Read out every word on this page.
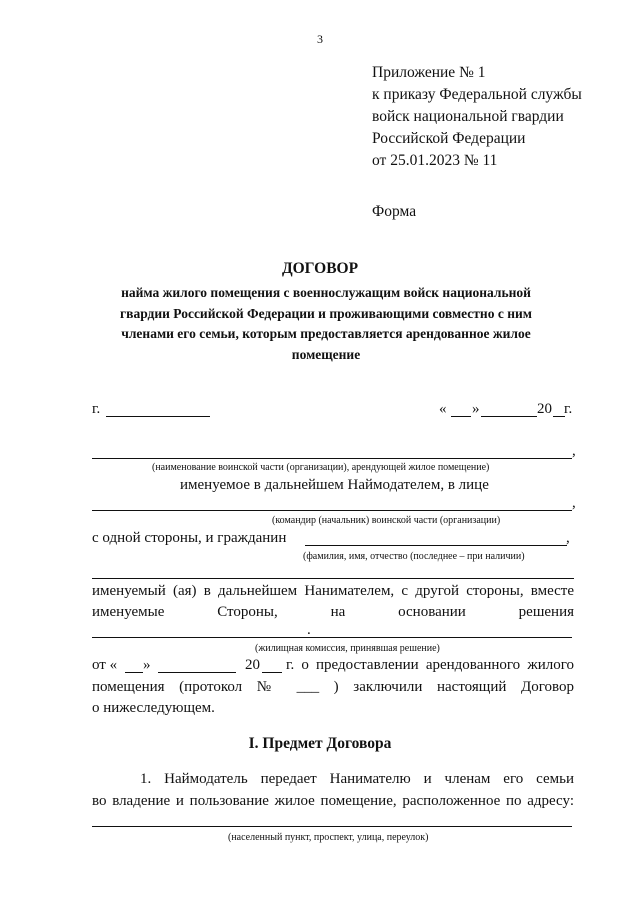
3
Приложение № 1
к приказу Федеральной службы
войск национальной гвардии
Российской Федерации
от 25.01.2023 № 11
Форма
ДОГОВОР
найма жилого помещения с военнослужащим войск национальной гвардии Российской Федерации и проживающими совместно с ним членами его семьи, которым предоставляется арендованное жилое помещение
г.	« »	20 г.
,
(наименование воинской части (организации), арендующей жилое помещение)
именуемое в дальнейшем Наймодателем, в лице
,
(командир (начальник) воинской части (организации)
с одной стороны, и гражданин	,
(фамилия, имя, отчество (последнее – при наличии)
именуемый (ая) в дальнейшем Нанимателем, с другой стороны, вместе
именуемые Стороны, на основании решения
.
(жилищная комиссия, принявшая решение)
от « »	20 г. о предоставлении арендованного жилого
помещения (протокол № ___ ) заключили настоящий Договор
о нижеследующем.
I. Предмет Договора
1. Наймодатель передает Нанимателю и членам его семьи
во владение и пользование жилое помещение, расположенное по адресу:
(населенный пункт, проспект, улица, переулок)
